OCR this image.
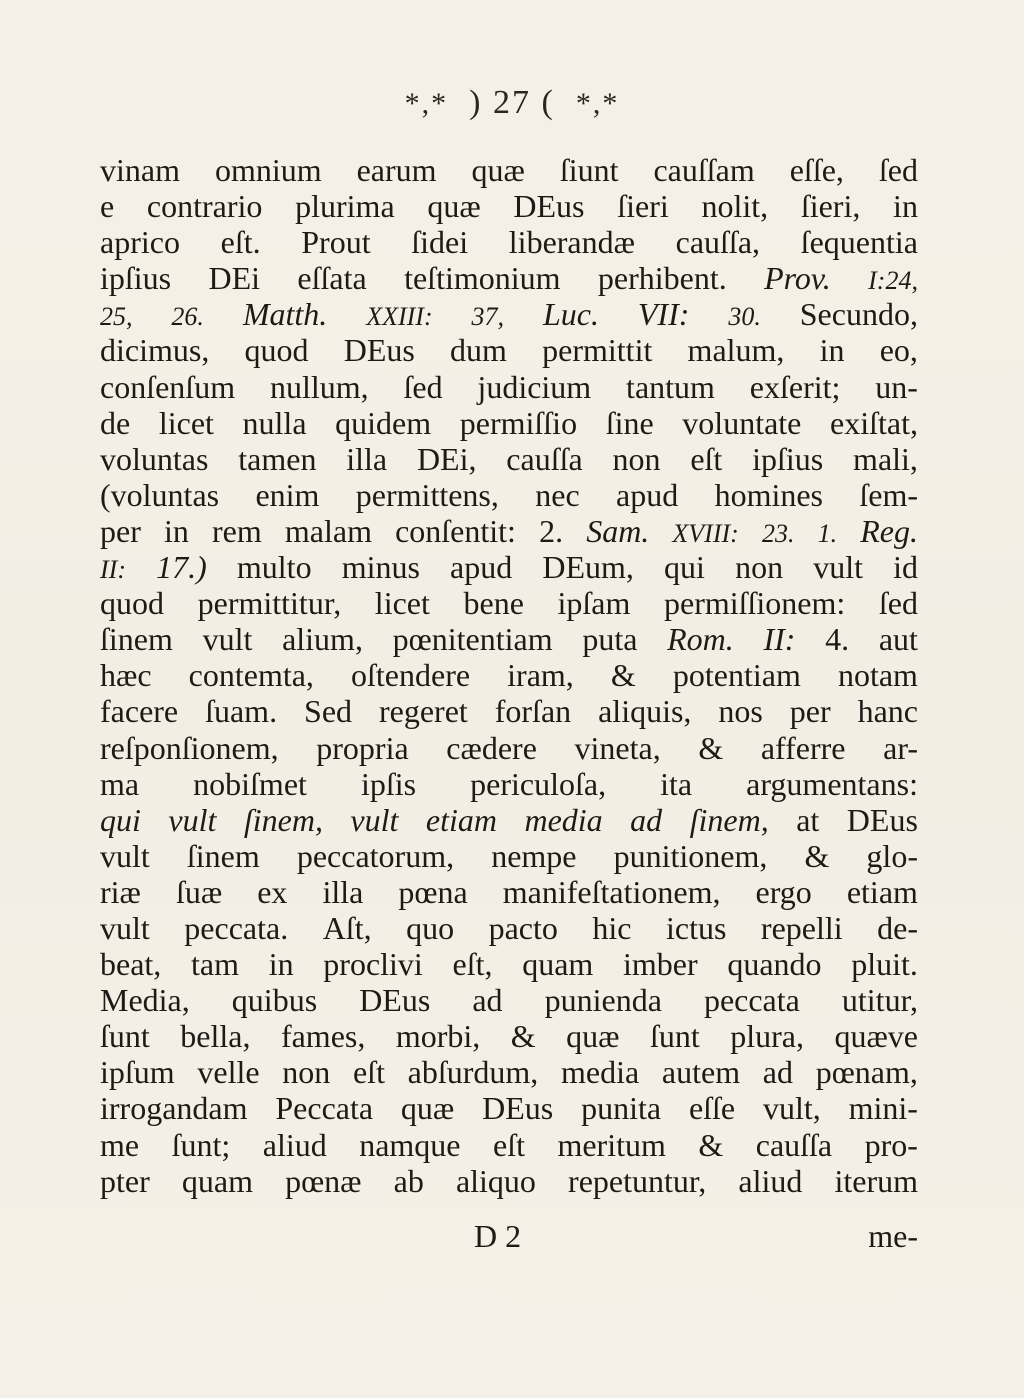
*,* ) 27 ( *,*
vinam omnium earum quæ ſiunt cauſſam eſſe, ſed
e contrario plurima quæ DEus ſieri nolit, ſieri, in
aprico eſt. Prout ſidei liberandæ cauſſa, ſequentia
ipſius DEi eſſata teſtimonium perhibent. Prov. I:24,
25, 26. Matth. XXIII: 37, Luc. VII: 30. Secundo,
dicimus, quod DEus dum permittit malum, in eo,
conſenſum nullum, ſed judicium tantum exſerit; un-
de licet nulla quidem permiſſio ſine voluntate exiſtat,
voluntas tamen illa DEi, cauſſa non eſt ipſius mali,
(voluntas enim permittens, nec apud homines ſem-
per in rem malam conſentit: 2. Sam. XVIII: 23. 1. Reg.
II: 17.) multo minus apud DEum, qui non vult id
quod permittitur, licet bene ipſam permiſſionem: ſed
ſinem vult alium, pœnitentiam puta Rom. II: 4. aut
hæc contemta, oſtendere iram, & potentiam notam
facere ſuam. Sed regeret forſan aliquis, nos per hanc
reſponſionem, propria cædere vineta, & afferre ar-
ma nobiſmet ipſis periculoſa, ita argumentans:
qui vult ſinem, vult etiam media ad ſinem, at DEus
vult ſinem peccatorum, nempe punitionem, & glo-
riæ ſuæ ex illa pœna manifeſtationem, ergo etiam
vult peccata. Aſt, quo pacto hic ictus repelli de-
beat, tam in proclivi eſt, quam imber quando pluit.
Media, quibus DEus ad punienda peccata utitur,
ſunt bella, fames, morbi, & quæ ſunt plura, quæve
ipſum velle non eſt abſurdum, media autem ad pœnam,
irrogandam Peccata quæ DEus punita eſſe vult, mini-
me ſunt; aliud namque eſt meritum & cauſſa pro-
pter quam pœnæ ab aliquo repetuntur, aliud iterum
D 2	me-
